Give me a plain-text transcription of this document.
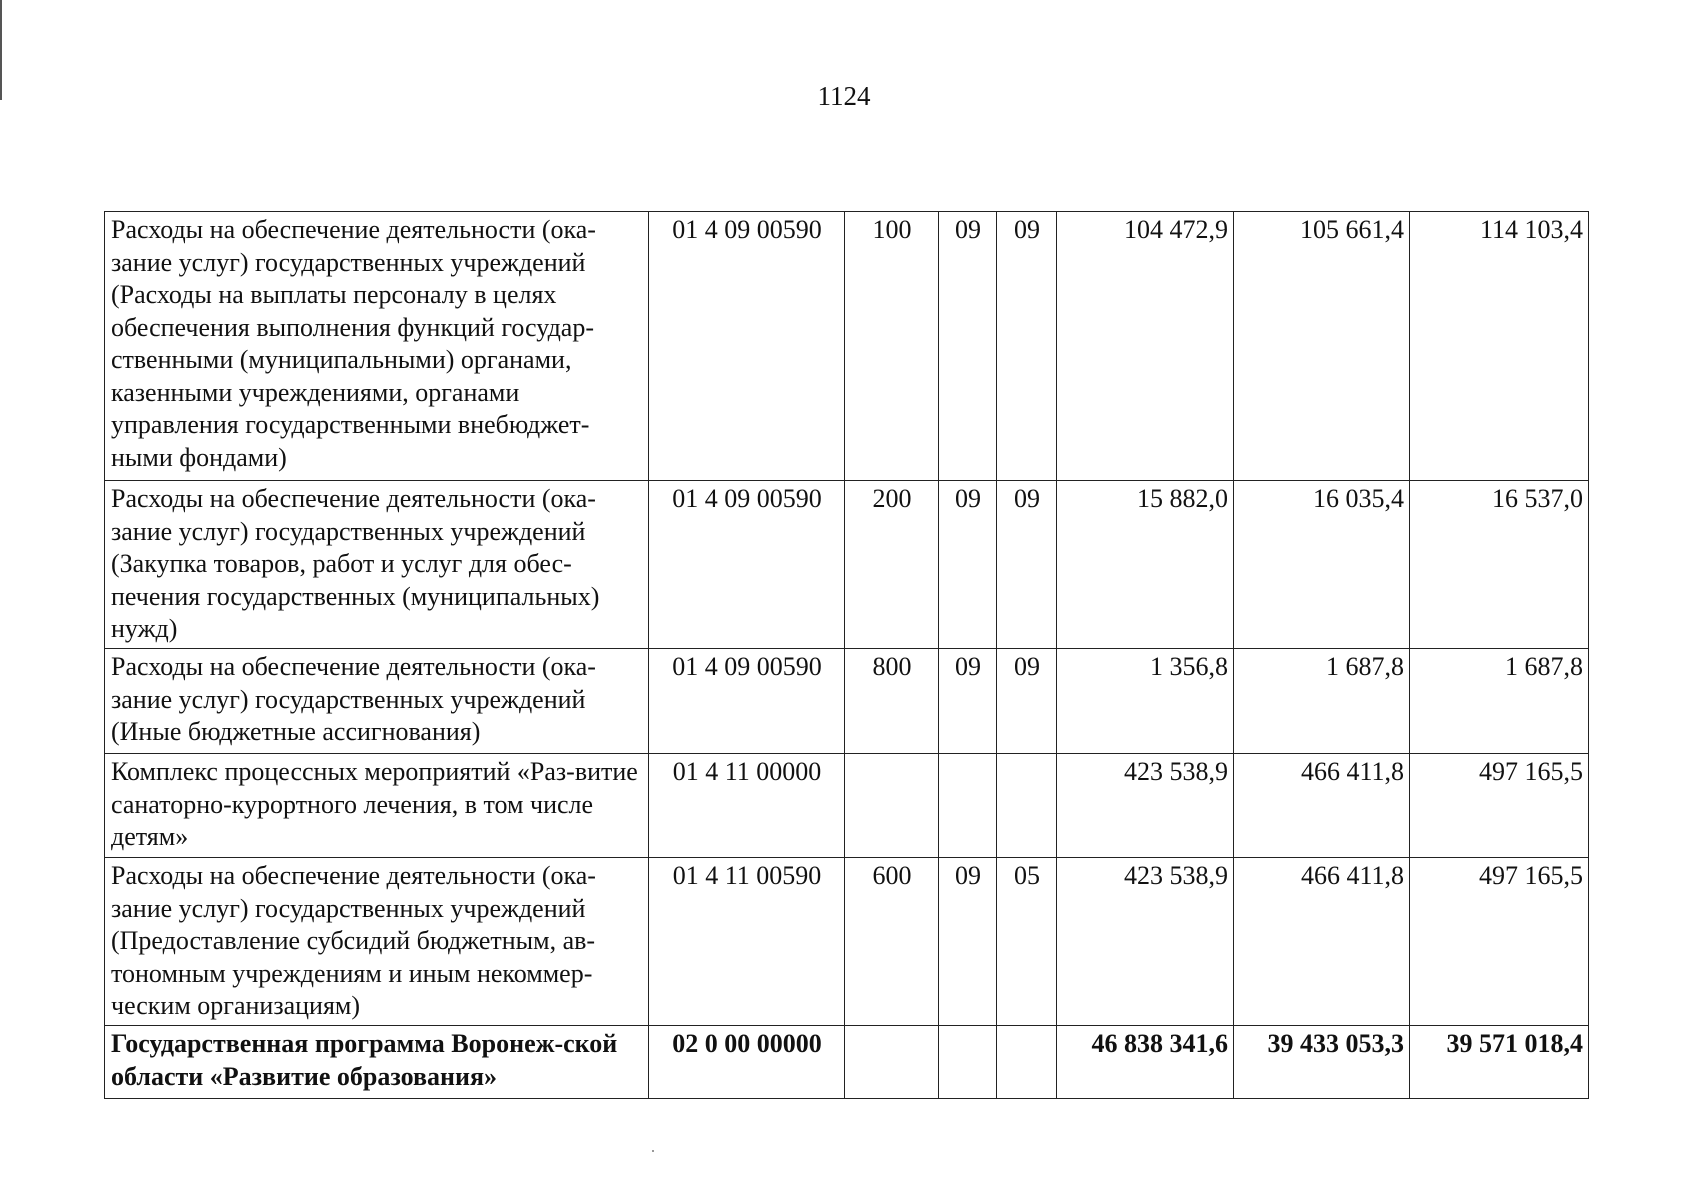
1124
Расходы на обеспечение деятельности (ока-зание услуг) государственных учреждений (Расходы на выплаты персоналу в целях обеспечения выполнения функций государ-ственными (муниципальными) органами, казенными учреждениями, органами управления государственными внебюджет-ными фондами)	01 4 09 00590	100	09	09	104 472,9	105 661,4	114 103,4
Расходы на обеспечение деятельности (ока-зание услуг) государственных учреждений (Закупка товаров, работ и услуг для обес-печения государственных (муниципальных) нужд)	01 4 09 00590	200	09	09	15 882,0	16 035,4	16 537,0
Расходы на обеспечение деятельности (ока-зание услуг) государственных учреждений (Иные бюджетные ассигнования)	01 4 09 00590	800	09	09	1 356,8	1 687,8	1 687,8
Комплекс процессных мероприятий «Раз-витие санаторно-курортного лечения, в том числе детям»	01 4 11 00000				423 538,9	466 411,8	497 165,5
Расходы на обеспечение деятельности (ока-зание услуг) государственных учреждений (Предоставление субсидий бюджетным, ав-тономным учреждениям и иным некоммер-ческим организациям)	01 4 11 00590	600	09	05	423 538,9	466 411,8	497 165,5
Государственная программа Воронеж-ской области «Развитие образования»	02 0 00 00000				46 838 341,6	39 433 053,3	39 571 018,4
